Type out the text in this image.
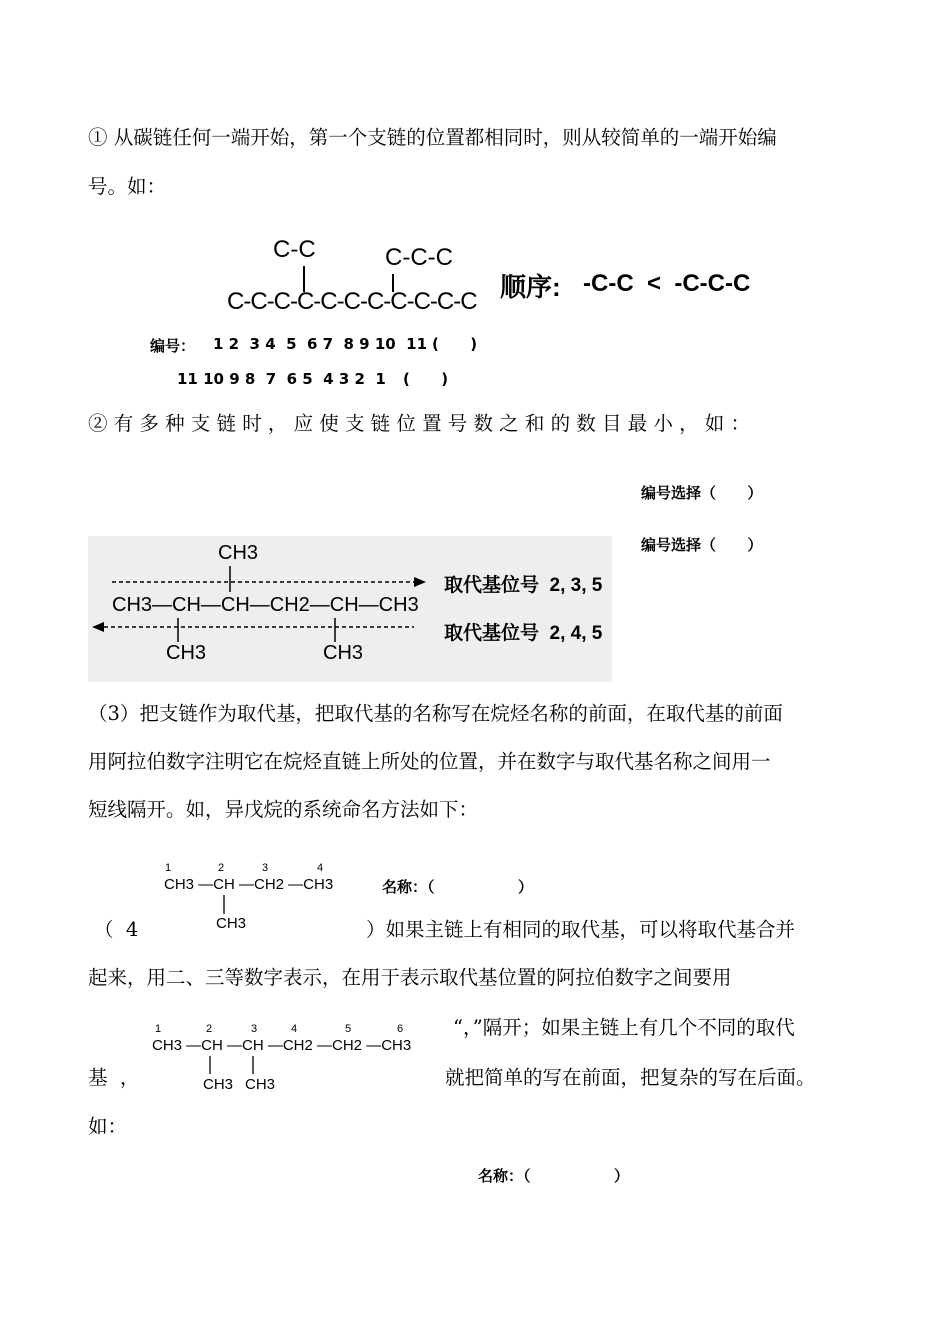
① 从碳链任何一端开始，第一个支链的位置都相同时，则从较简单的一端开始编
号。如：
C-C	C-C-C
C-C-C-C-C-C-C-C-C-C-C 顺序: -C-C  <  -C-C-C
编号： 1 2  3 4  5  6 7  8 9 10  11 (      )
11 10 9 8  7  6 5  4 3 2  1 (      )
② 有 多 种 支 链 时 ， 应 使 支 链 位 置 号 数 之 和 的 数 目 最 小 ， 如 ：
编号选择（      ）
编号选择（      ）
CH3
CH3—CH—CH—CH2—CH—CH3
CH3	CH3
取代基位号  2, 3, 5
取代基位号  2, 4, 5
（3）把支链作为取代基，把取代基的名称写在烷烃名称的前面，在取代基的前面
用阿拉伯数字注明它在烷烃直链上所处的位置，并在数字与取代基名称之间用一
短线隔开。如，异戊烷的系统命名方法如下：
1	2	3	4
CH3 —CH —CH2 —CH3
CH3
名称：（                ）
（  4	）如果主链上有相同的取代基，可以将取代基合并
起来，用二、三等数字表示，在用于表示取代基位置的阿拉伯数字之间要用
“，”隔开；如果主链上有几个不同的取代
基  ，	就把简单的写在前面，把复杂的写在后面。
如：
1	2	3	4	5	6
CH3 —CH —CH —CH2 —CH2 —CH3
CH3 CH3
名称：（                ）
